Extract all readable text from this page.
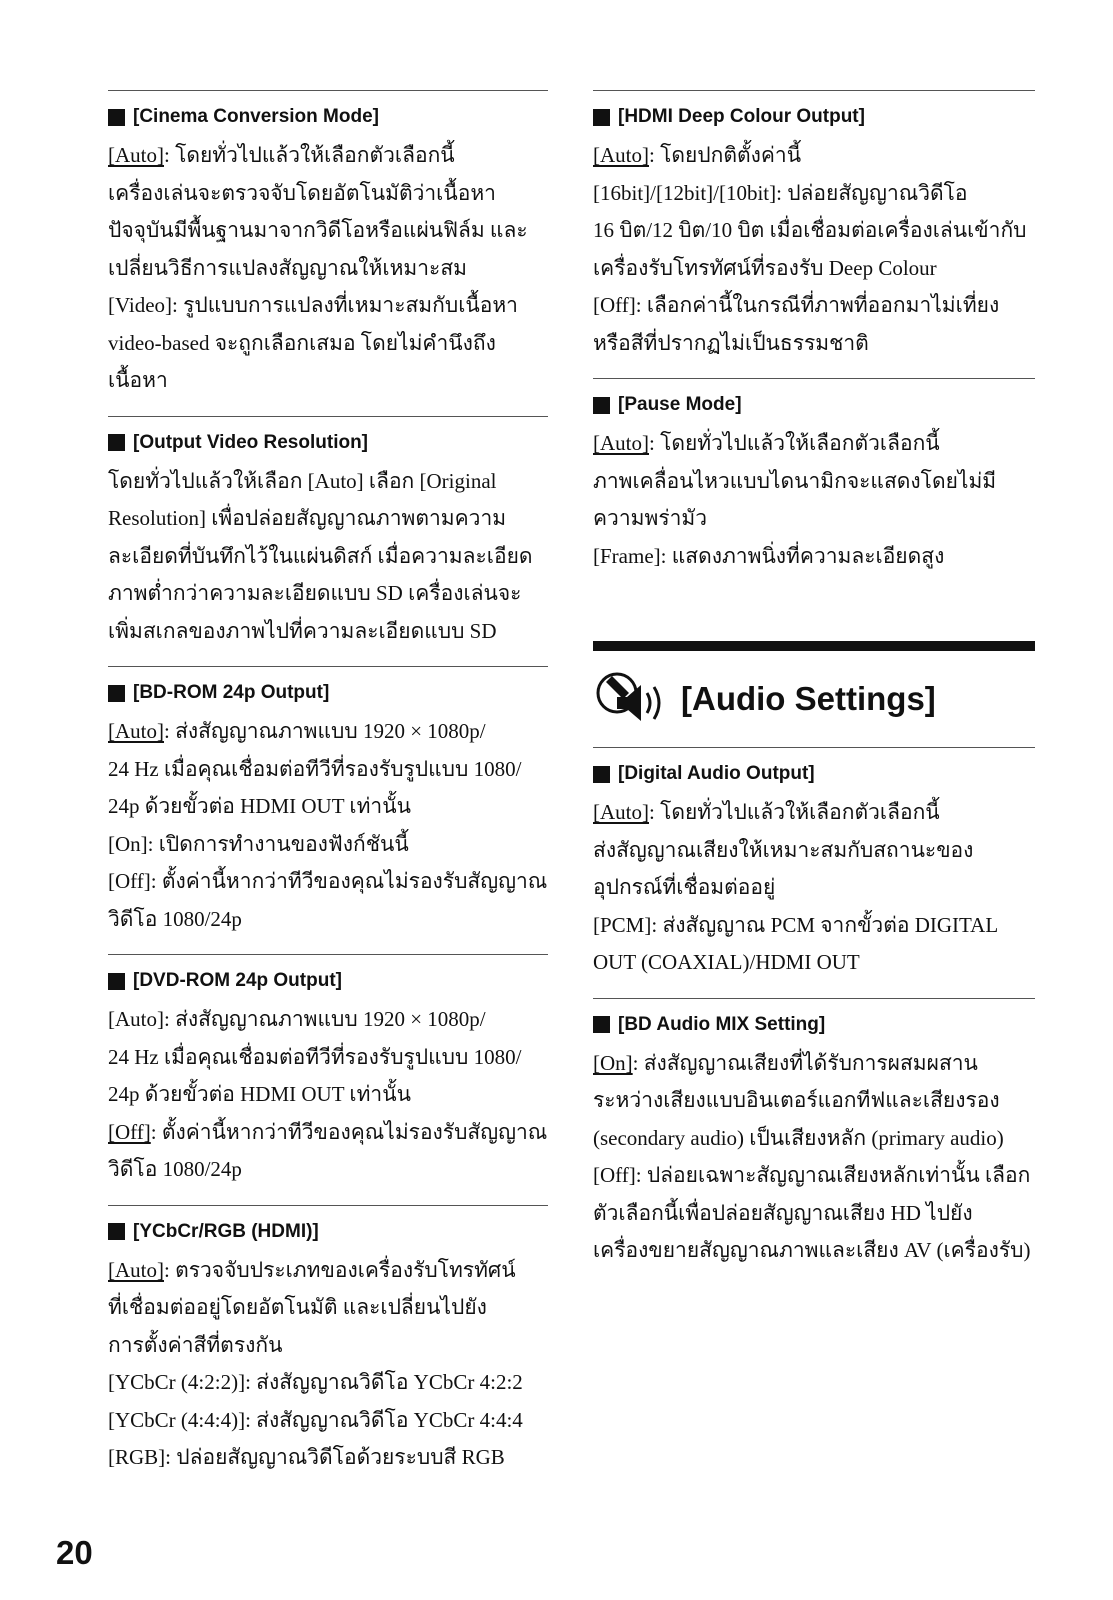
[Cinema Conversion Mode]
[Auto]: โดยทั่วไปแล้วให้เลือกตัวเลือกนี้
เครื่องเล่นจะตรวจจับโดยอัตโนมัติว่าเนื้อหา
ปัจจุบันมีพื้นฐานมาจากวิดีโอหรือแผ่นฟิล์ม และ
เปลี่ยนวิธีการแปลงสัญญาณให้เหมาะสม
[Video]: รูปแบบการแปลงที่เหมาะสมกับเนื้อหา
video-based จะถูกเลือกเสมอ โดยไม่คำนึงถึง
เนื้อหา
[Output Video Resolution]
โดยทั่วไปแล้วให้เลือก [Auto] เลือก [Original
Resolution] เพื่อปล่อยสัญญาณภาพตามความ
ละเอียดที่บันทึกไว้ในแผ่นดิสก์ เมื่อความละเอียด
ภาพต่ำกว่าความละเอียดแบบ SD เครื่องเล่นจะ
เพิ่มสเกลของภาพไปที่ความละเอียดแบบ SD
[BD-ROM 24p Output]
[Auto]: ส่งสัญญาณภาพแบบ 1920 × 1080p/
24 Hz เมื่อคุณเชื่อมต่อทีวีที่รองรับรูปแบบ 1080/
24p ด้วยขั้วต่อ HDMI OUT เท่านั้น
[On]: เปิดการทำงานของฟังก์ชันนี้
[Off]: ตั้งค่านี้หากว่าทีวีของคุณไม่รองรับสัญญาณ
วิดีโอ 1080/24p
[DVD-ROM 24p Output]
[Auto]: ส่งสัญญาณภาพแบบ 1920 × 1080p/
24 Hz เมื่อคุณเชื่อมต่อทีวีที่รองรับรูปแบบ 1080/
24p ด้วยขั้วต่อ HDMI OUT เท่านั้น
[Off]: ตั้งค่านี้หากว่าทีวีของคุณไม่รองรับสัญญาณ
วิดีโอ 1080/24p
[YCbCr/RGB (HDMI)]
[Auto]: ตรวจจับประเภทของเครื่องรับโทรทัศน์
ที่เชื่อมต่ออยู่โดยอัตโนมัติ และเปลี่ยนไปยัง
การตั้งค่าสีที่ตรงกัน
[YCbCr (4:2:2)]: ส่งสัญญาณวิดีโอ YCbCr 4:2:2
[YCbCr (4:4:4)]: ส่งสัญญาณวิดีโอ YCbCr 4:4:4
[RGB]: ปล่อยสัญญาณวิดีโอด้วยระบบสี RGB
[HDMI Deep Colour Output]
[Auto]: โดยปกติตั้งค่านี้
[16bit]/[12bit]/[10bit]: ปล่อยสัญญาณวิดีโอ
16 บิต/12 บิต/10 บิต เมื่อเชื่อมต่อเครื่องเล่นเข้ากับ
เครื่องรับโทรทัศน์ที่รองรับ Deep Colour
[Off]: เลือกค่านี้ในกรณีที่ภาพที่ออกมาไม่เที่ยง
หรือสีที่ปรากฏไม่เป็นธรรมชาติ
[Pause Mode]
[Auto]: โดยทั่วไปแล้วให้เลือกตัวเลือกนี้
ภาพเคลื่อนไหวแบบไดนามิกจะแสดงโดยไม่มี
ความพร่ามัว
[Frame]: แสดงภาพนิ่งที่ความละเอียดสูง
[Audio Settings]
[Digital Audio Output]
[Auto]: โดยทั่วไปแล้วให้เลือกตัวเลือกนี้
ส่งสัญญาณเสียงให้เหมาะสมกับสถานะของ
อุปกรณ์ที่เชื่อมต่ออยู่
[PCM]: ส่งสัญญาณ PCM จากขั้วต่อ DIGITAL
OUT (COAXIAL)/HDMI OUT
[BD Audio MIX Setting]
[On]: ส่งสัญญาณเสียงที่ได้รับการผสมผสาน
ระหว่างเสียงแบบอินเตอร์แอกทีฟและเสียงรอง
(secondary audio) เป็นเสียงหลัก (primary audio)
[Off]: ปล่อยเฉพาะสัญญาณเสียงหลักเท่านั้น เลือก
ตัวเลือกนี้เพื่อปล่อยสัญญาณเสียง HD ไปยัง
เครื่องขยายสัญญาณภาพและเสียง AV (เครื่องรับ)
20
